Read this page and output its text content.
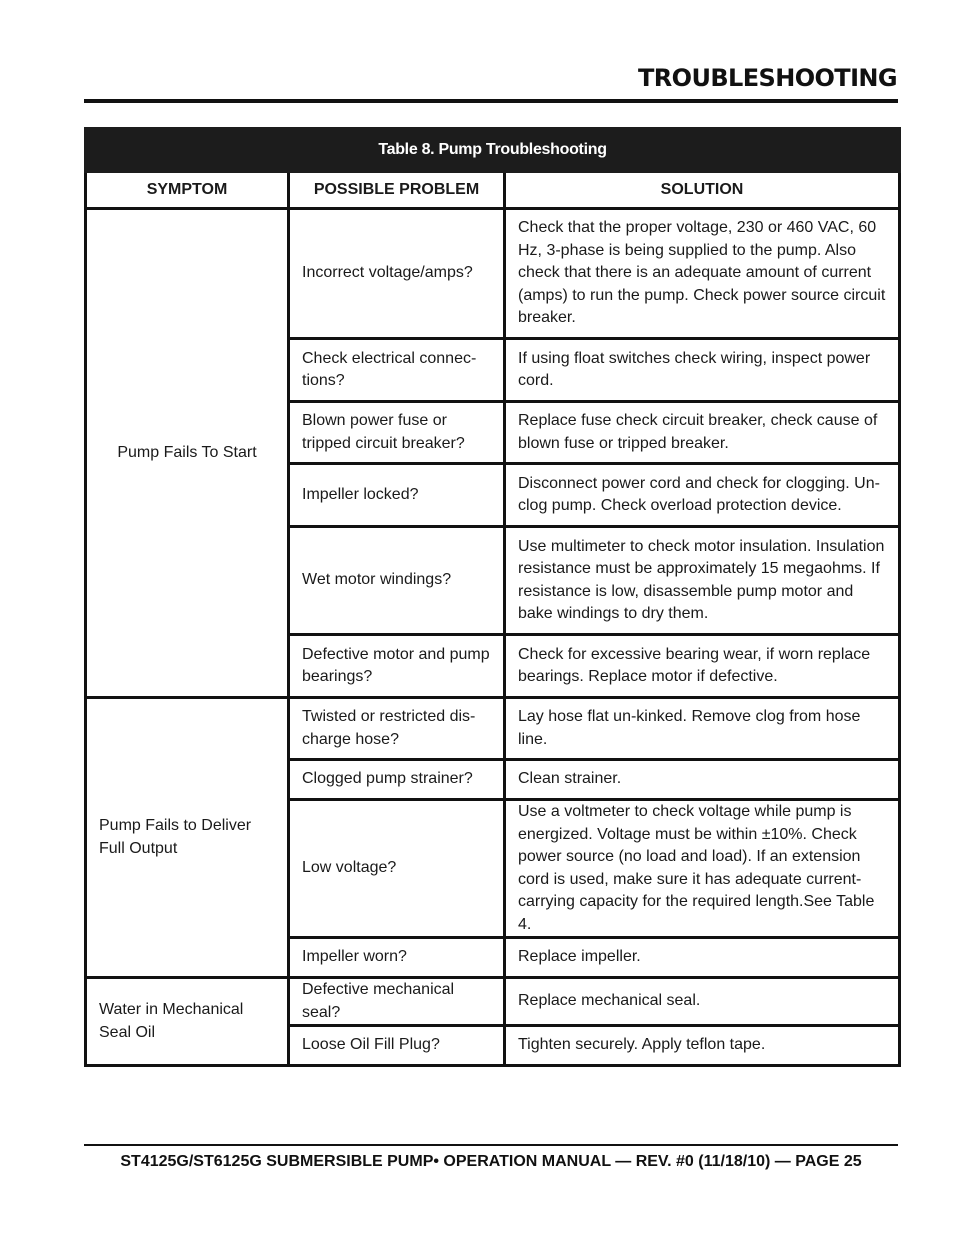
TROUBLESHOOTING
Table 8. Pump Troubleshooting		
SYMPTOM	POSSIBLE PROBLEM	SOLUTION
Pump Fails To Start	Incorrect voltage/amps?	Check that the proper voltage, 230 or 460 VAC, 60 Hz, 3-phase is being supplied to the pump. Also check that there is an adequate amount of current (amps) to run the pump. Check power source circuit breaker.
	Check electrical connec-tions?	If using float switches check wiring, inspect power cord.
	Blown power fuse or tripped circuit breaker?	Replace fuse check circuit breaker, check cause of blown fuse or tripped breaker.
	Impeller locked?	Disconnect power cord and check for clogging. Un-clog pump. Check overload protection device.
	Wet motor windings?	Use multimeter to check motor insulation. Insulation resistance must be approximately 15 megaohms. If resistance is low, disassemble pump motor and bake windings to dry them.
	Defective motor and pump bearings?	Check for excessive bearing wear, if worn replace bearings. Replace motor if defective.
Pump Fails to Deliver Full Output	Twisted or restricted dis-charge hose?	Lay hose flat un-kinked. Remove clog from hose line.
	Clogged pump strainer?	Clean strainer.
	Low voltage?	Use a voltmeter to check voltage while pump is energized. Voltage must be within ±10%. Check power source (no load and load). If an extension cord is used, make sure it has adequate current-carrying capacity for the required length.See Table 4.
	Impeller worn?	Replace impeller.
Water in Mechanical Seal Oil	Defective mechanical seal?	Replace mechanical seal.
	Loose Oil Fill Plug?	Tighten securely. Apply teflon tape.
ST4125G/ST6125G SUBMERSIBLE PUMP• OPERATION MANUAL — REV. #0 (11/18/10) — PAGE 25
